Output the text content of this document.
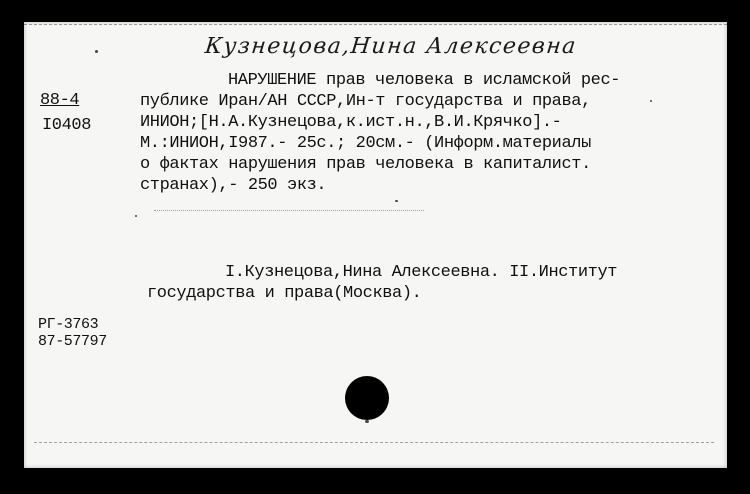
Кузнецова,Нина Алексеевна
88-4
I0408
НАРУШЕНИЕ прав человека в исламской рес-
публике Иран/АН СССР,Ин-т государства и права,
ИНИОН;[Н.А.Кузнецова,к.ист.н.,В.И.Крячко].-
М.:ИНИОН,I987.- 25с.; 20см.- (Информ.материалы
о фактах нарушения прав человека в капиталист.
странах),- 250 экз.
I.Кузнецова,Нина Алексеевна. II.Институт
государства и права(Москва).
РГ-3763
87-57797
